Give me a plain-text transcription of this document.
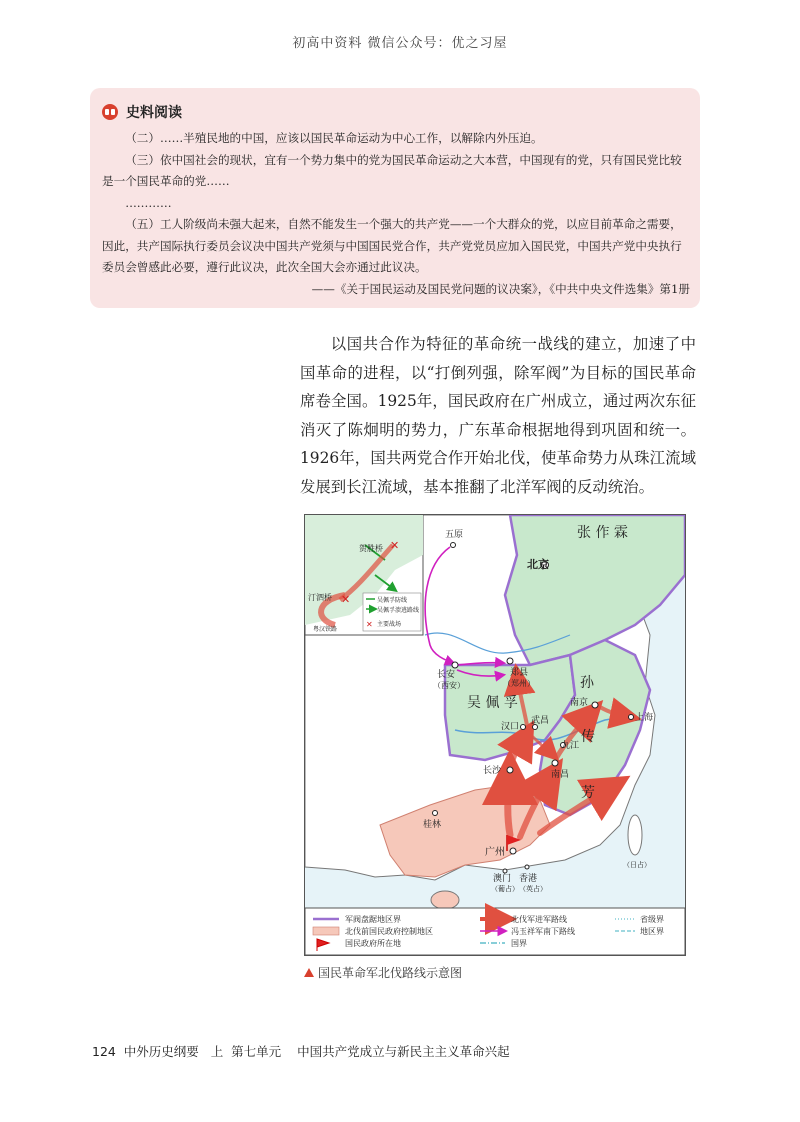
初高中资料 微信公众号：优之习屋
史料阅读

（二）……半殖民地的中国，应该以国民革命运动为中心工作，以解除内外压迫。

（三）依中国社会的现状，宜有一个势力集中的党为国民革命运动之大本营，中国现有的党，只有国民党比较是一个国民革命的党……

…………

（五）工人阶级尚未强大起来，自然不能发生一个强大的共产党——一个大群众的党，以应目前革命之需要，因此，共产国际执行委员会议决中国共产党须与中国国民党合作，共产党党员应加入国民党，中国共产党中央执行委员会曾感此必要，遵行此议决，此次全国大会亦通过此议决。

——《关于国民运动及国民党问题的议决案》，《中共中央文件选集》第1册

以国共合作为特征的革命统一战线的建立，加速了中国革命的进程，以“打倒列强，除军阀”为目标的国民革命席卷全国。1925年，国民政府在广州成立，通过两次东征消灭了陈炯明的势力，广东革命根据地得到巩固和统一。1926年，国共两党合作开始北伐，使革命势力从珠江流域发展到长江流域，基本推翻了北洋军阀的反动统治。
张 作 霖
吴 佩 孚
孙
传
芳
北京
五原
长安
（西安）
郑县
（郑州）
南京
上海
汉口
武昌
九江
南昌
长沙
桂林
广州
澳门
（葡占）
香港
（英占）
（日占）
✕
✕
贺胜桥
汀泗桥
粤汉铁路
吴佩孚防线
吴佩孚溃逃路线
✕ 主要战场
军阀盘踞地区界
北伐前国民政府控制地区
国民政府所在地
北伐军进军路线
冯玉祥军南下路线
国界
省级界
地区界
国民革命军北伐路线示意图
124  中外历史纲要   上  第七单元    中国共产党成立与新民主主义革命兴起
